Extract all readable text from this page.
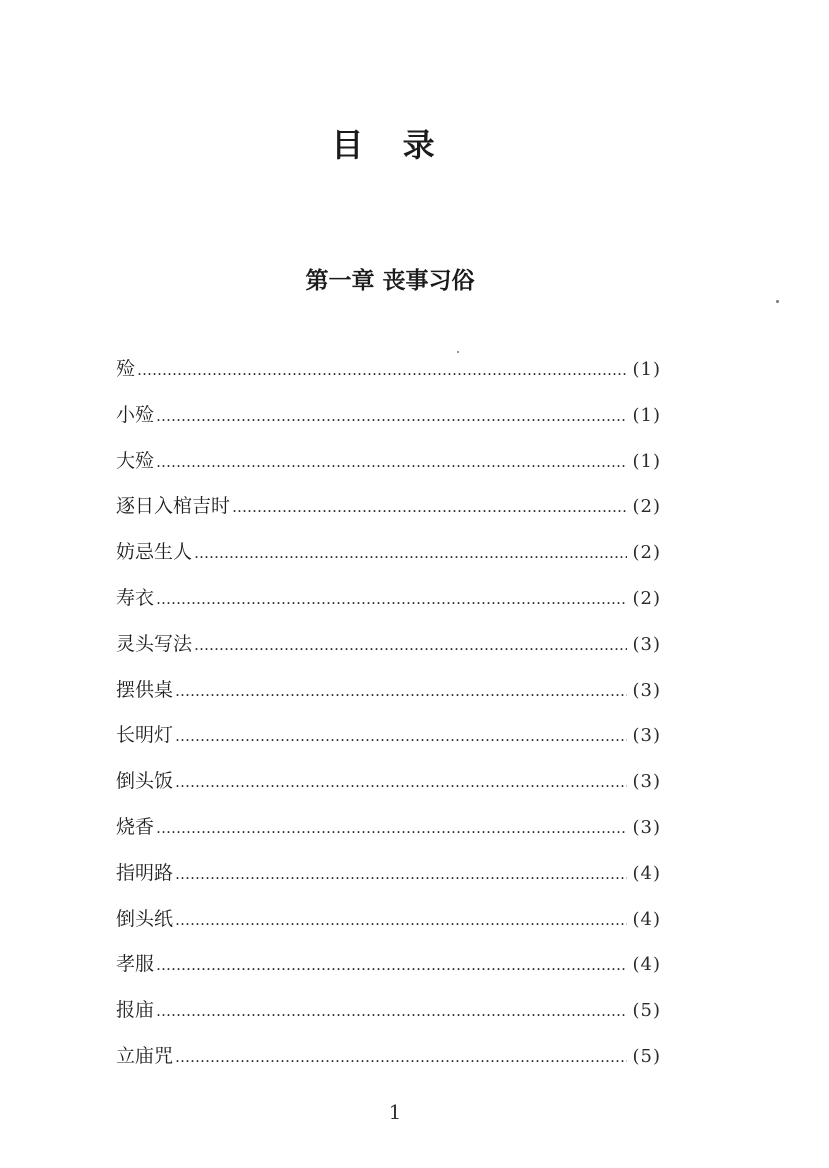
目 录
第一章 丧事习俗
殓 …………………………………………………………………………………………………………	(1)
小殓 …………………………………………………………………………………………………………	(1)
大殓 …………………………………………………………………………………………………………	(1)
逐日入棺吉时 …………………………………………………………………………………………………………	(2)
妨忌生人 …………………………………………………………………………………………………………	(2)
寿衣 …………………………………………………………………………………………………………	(2)
灵头写法 …………………………………………………………………………………………………………	(3)
摆供桌 …………………………………………………………………………………………………………	(3)
长明灯 …………………………………………………………………………………………………………	(3)
倒头饭 …………………………………………………………………………………………………………	(3)
烧香 …………………………………………………………………………………………………………	(3)
指明路 …………………………………………………………………………………………………………	(4)
倒头纸 …………………………………………………………………………………………………………	(4)
孝服 …………………………………………………………………………………………………………	(4)
报庙 …………………………………………………………………………………………………………	(5)
立庙咒 …………………………………………………………………………………………………………	(5)
1
